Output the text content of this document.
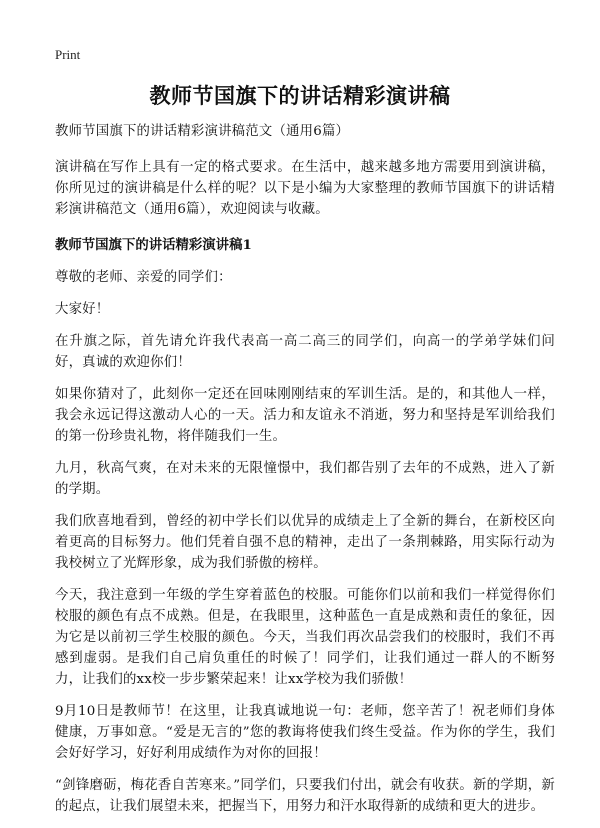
Print
教师节国旗下的讲话精彩演讲稿

教师节国旗下的讲话精彩演讲稿范文（通用6篇）

演讲稿在写作上具有一定的格式要求。在生活中，越来越多地方需要用到演讲稿，你所见过的演讲稿是什么样的呢？以下是小编为大家整理的教师节国旗下的讲话精彩演讲稿范文（通用6篇），欢迎阅读与收藏。

教师节国旗下的讲话精彩演讲稿1

尊敬的老师、亲爱的同学们：

大家好！

在升旗之际，首先请允许我代表高一高二高三的同学们，向高一的学弟学妹们问好，真诚的欢迎你们！

如果你猜对了，此刻你一定还在回味刚刚结束的军训生活。是的，和其他人一样，我会永远记得这激动人心的一天。活力和友谊永不消逝，努力和坚持是军训给我们的第一份珍贵礼物，将伴随我们一生。

九月，秋高气爽，在对未来的无限憧憬中，我们都告别了去年的不成熟，进入了新的学期。

我们欣喜地看到，曾经的初中学长们以优异的成绩走上了全新的舞台，在新校区向着更高的目标努力。他们凭着自强不息的精神，走出了一条荆棘路，用实际行动为我校树立了光辉形象，成为我们骄傲的榜样。

今天，我注意到一年级的学生穿着蓝色的校服。可能你们以前和我们一样觉得你们校服的颜色有点不成熟。但是，在我眼里，这种蓝色一直是成熟和责任的象征，因为它是以前初三学生校服的颜色。今天，当我们再次品尝我们的校服时，我们不再感到虚弱。是我们自己肩负重任的时候了！同学们，让我们通过一群人的不断努力，让我们的xx校一步步繁荣起来！让xx学校为我们骄傲！

9月10日是教师节！在这里，让我真诚地说一句：老师，您辛苦了！祝老师们身体健康，万事如意。“爱是无言的”您的教诲将使我们终生受益。作为你的学生，我们会好好学习，好好利用成绩作为对你的回报！

“剑锋磨砺，梅花香自苦寒来。”同学们，只要我们付出，就会有收获。新的学期，新的起点，让我们展望未来，把握当下，用努力和汗水取得新的成绩和更大的进步。
